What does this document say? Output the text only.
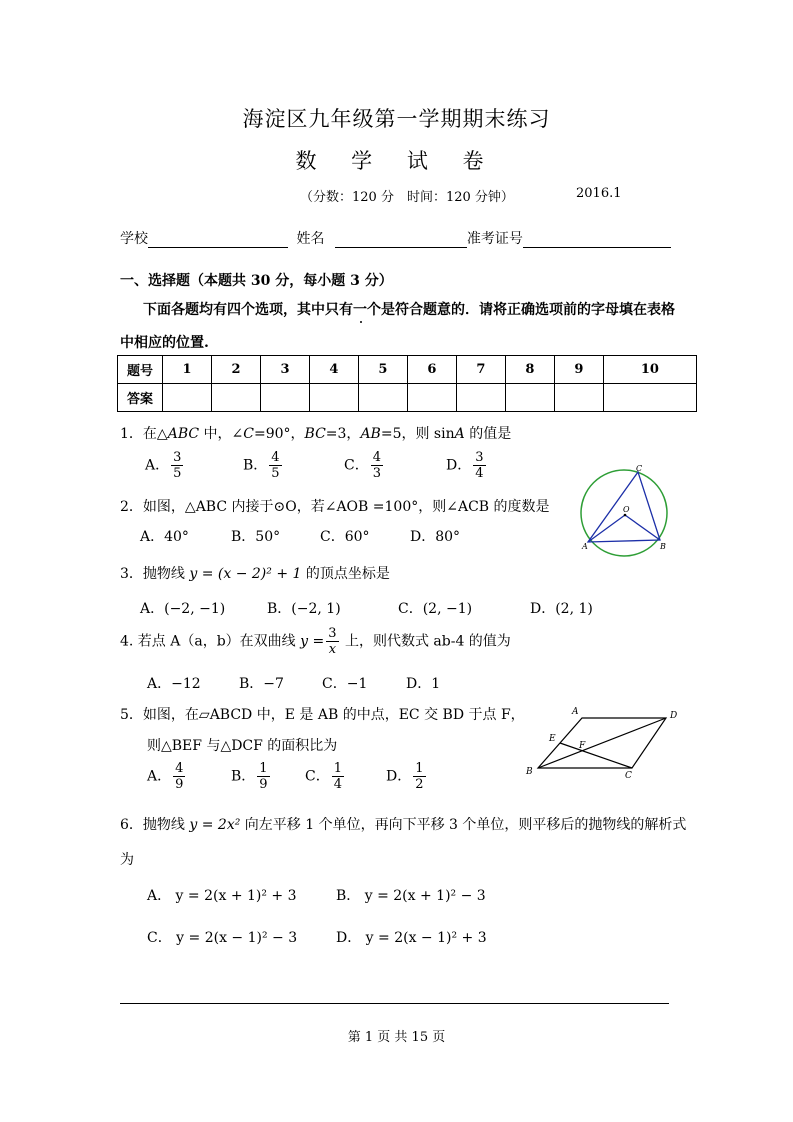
海淀区九年级第一学期期末练习
数 学 试 卷
（分数：120 分　时间：120 分钟）	2016.1
学校	姓名	准考证号
一、选择题（本题共 30 分，每小题 3 分）
下面各题均有四个选项，其中只有一个是符合题意的．请将正确选项前的字母填在表格
中相应的位置.
题号	1	2	3	4	5	6	7	8	9	10
答案										
1．在△ABC 中，∠C=90°，BC=3，AB=5，则 sinA 的值是
A． $\frac{3}{5}$	B． $\frac{4}{5}$	C． $\frac{4}{3}$	D． $\frac{3}{4}$
2．如图，△ABC 内接于⊙O，若∠AOB =100°，则∠ACB 的度数是
A．40°	B．50°	C．60°	D．80°
C
O
A	B
3．抛物线 y = (x − 2)² + 1 的顶点坐标是
A．(−2, −1)	B．(−2, 1)	C．(2, −1)	D．(2, 1)
4. 若点 A（a，b）在双曲线 $y = \frac{3}{x}$ 上，则代数式 ab-4 的值为
A．−12	B．−7	C．−1	D．1
5．如图，在▱ABCD 中，E 是 AB 的中点，EC 交 BD 于点 F，
则△BEF 与△DCF 的面积比为
A． $\frac{4}{9}$	B． $\frac{1}{9}$	C． $\frac{1}{4}$	D． $\frac{1}{2}$
A	D
E
F
B	C
6．抛物线 y = 2x² 向左平移 1 个单位，再向下平移 3 个单位，则平移后的抛物线的解析式
为
A． y = 2(x + 1)² + 3	B． y = 2(x + 1)² − 3
C． y = 2(x − 1)² − 3	D． y = 2(x − 1)² + 3
第 1 页 共 15 页
